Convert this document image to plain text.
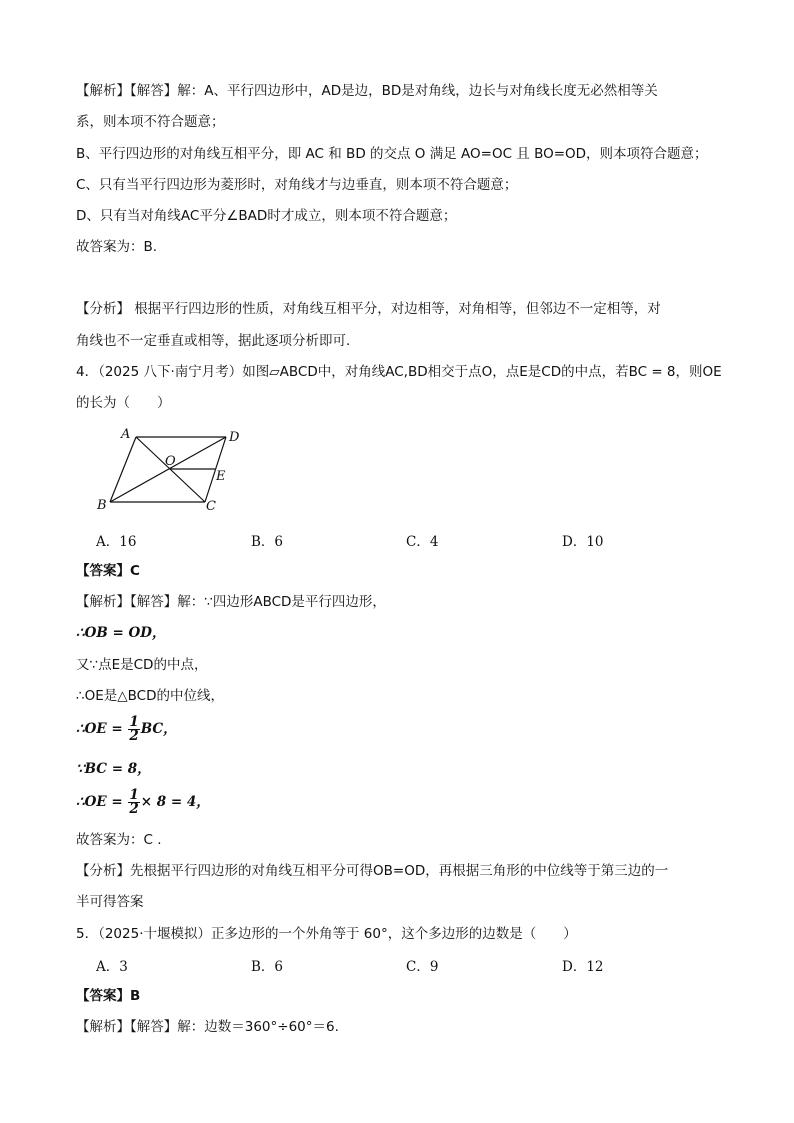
【解析】【解答】解：A、平行四边形中，AD是边，BD是对角线，边长与对角线长度无必然相等关
系，则本项不符合题意；
B、平行四边形的对角线互相平分，即 AC 和 BD 的交点 O 满足 AO=OC 且 BO=OD，则本项符合题意；
C、只有当平行四边形为菱形时，对角线才与边垂直，则本项不符合题意；
D、只有当对角线AC平分∠BAD时才成立，则本项不符合题意；
故答案为：B.
【分析】 根据平行四边形的性质，对角线互相平分，对边相等，对角相等，但邻边不一定相等，对
角线也不一定垂直或相等，据此逐项分析即可.
4．（2025 八下·南宁月考）如图▱ABCD中，对角线AC,BD相交于点O，点E是CD的中点，若BC = 8，则OE
的长为（　　）
A	D
O
E
B	C
A．16	B．6	C．4	D．10
【答案】C
【解析】【解答】解：∵四边形ABCD是平行四边形，
∴OB = OD，
又∵点E是CD的中点，
∴OE是△BCD的中位线，
∴OE = $\frac{1}{2}$ BC，
∵BC = 8，
∴OE = $\frac{1}{2} \times 8 = 4$，
故答案为：C .
【分析】先根据平行四边形的对角线互相平分可得OB=OD，再根据三角形的中位线等于第三边的一
半可得答案
5．（2025·十堰模拟）正多边形的一个外角等于 60°，这个多边形的边数是（　　）
A．3	B．6	C．9	D．12
【答案】B
【解析】【解答】解：边数＝360°÷60°＝6.
